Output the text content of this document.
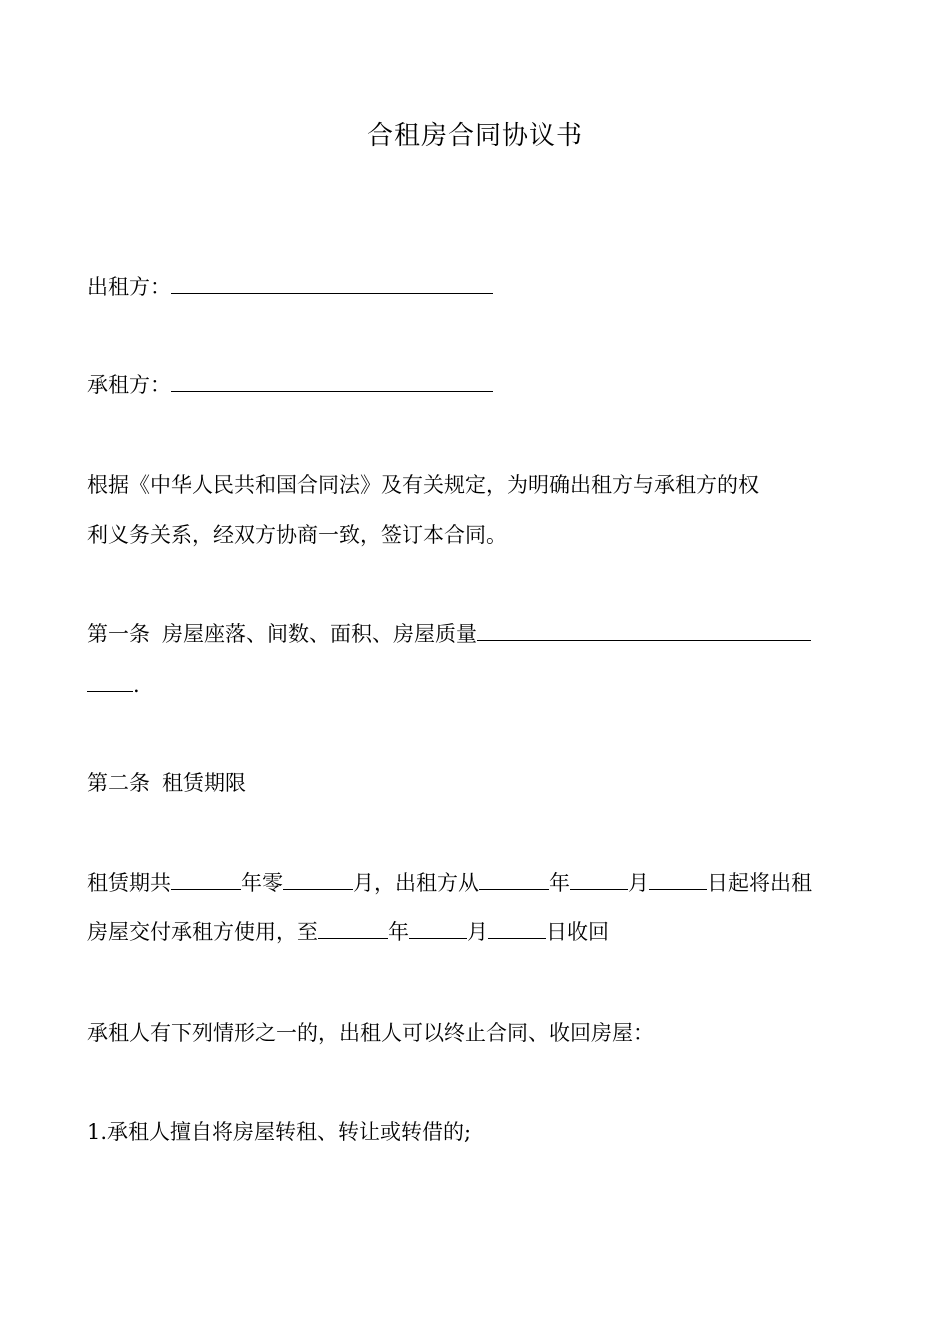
合租房合同协议书
出租方：
承租方：
根据《中华人民共和国合同法》及有关规定，为明确出租方与承租方的权
利义务关系，经双方协商一致，签订本合同。
第一条 房屋座落、间数、面积、房屋质量
.
第二条 租赁期限
租赁期共	年零	月，出租方从	年	月	日起将出租
房屋交付承租方使用，至	年	月	日收回
承租人有下列情形之一的，出租人可以终止合同、收回房屋：
1.承租人擅自将房屋转租、转让或转借的;
